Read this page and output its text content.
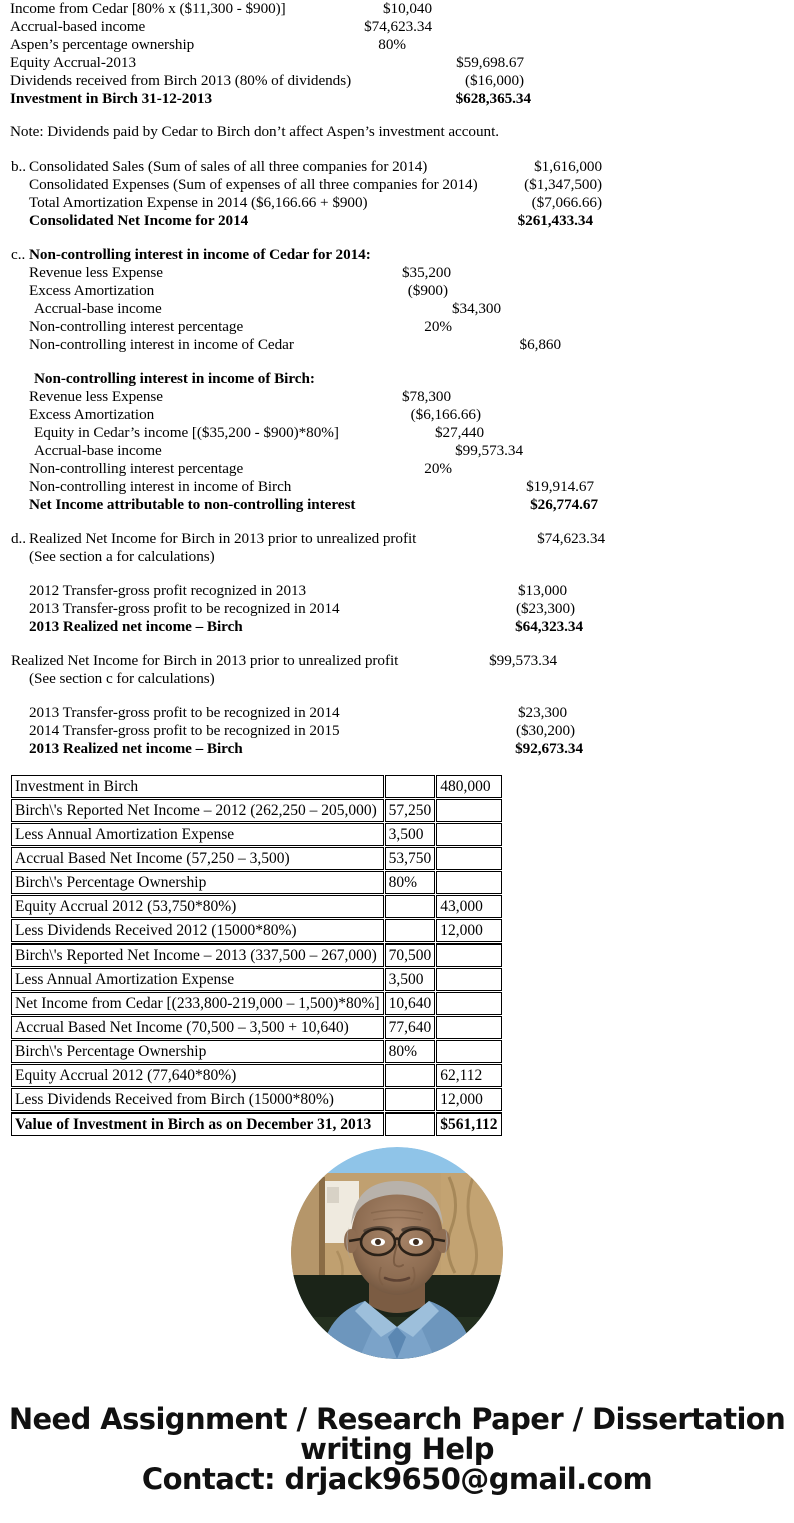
Income from Cedar [80% x ($11,300 - $900)]	$10,040
Accrual-based income	$74,623.34
Aspen’s percentage ownership	80%
Equity Accrual-2013	$59,698.67
Dividends received from Birch 2013 (80% of dividends)	($16,000)
Investment in Birch 31-12-2013	$628,365.34
Note: Dividends paid by Cedar to Birch don’t affect Aspen’s investment account.
b.. Consolidated Sales (Sum of sales of all three companies for 2014)	$1,616,000
Consolidated Expenses (Sum of expenses of all three companies for 2014)	($1,347,500)
Total Amortization Expense in 2014 ($6,166.66 + $900)	($7,066.66)
Consolidated Net Income for 2014	$261,433.34
c.. Non-controlling interest in income of Cedar for 2014:
Revenue less Expense	$35,200
Excess Amortization	($900)
Accrual-base income	$34,300
Non-controlling interest percentage	20%
Non-controlling interest in income of Cedar	$6,860
Non-controlling interest in income of Birch:
Revenue less Expense	$78,300
Excess Amortization	($6,166.66)
Equity in Cedar’s income [($35,200 - $900)*80%]	$27,440
Accrual-base income	$99,573.34
Non-controlling interest percentage	20%
Non-controlling interest in income of Birch	$19,914.67
Net Income attributable to non-controlling interest	$26,774.67
d.. Realized Net Income for Birch in 2013 prior to unrealized profit	$74,623.34
(See section a for calculations)
2012 Transfer-gross profit recognized in 2013	$13,000
2013 Transfer-gross profit to be recognized in 2014	($23,300)
2013 Realized net income – Birch	$64,323.34
Realized Net Income for Birch in 2013 prior to unrealized profit	$99,573.34
(See section c for calculations)
2013 Transfer-gross profit to be recognized in 2014	$23,300
2014 Transfer-gross profit to be recognized in 2015	($30,200)
2013 Realized net income – Birch	$92,673.34
Investment in Birch		480,000
Birch\'s Reported Net Income – 2012 (262,250 – 205,000)	57,250	
Less Annual Amortization Expense	3,500	
Accrual Based Net Income (57,250 – 3,500)	53,750	
Birch\'s Percentage Ownership	80%	
Equity Accrual 2012 (53,750*80%)		43,000
Less Dividends Received 2012 (15000*80%)		12,000
Birch\'s Reported Net Income – 2013 (337,500 – 267,000)	70,500	
Less Annual Amortization Expense	3,500	
Net Income from Cedar [(233,800-219,000 – 1,500)*80%]	10,640	
Accrual Based Net Income (70,500 – 3,500 + 10,640)	77,640	
Birch\'s Percentage Ownership	80%	
Equity Accrual 2012 (77,640*80%)		62,112
Less Dividends Received from Birch (15000*80%)		12,000
Value of Investment in Birch as on December 31, 2013		$561,112
Need Assignment / Research Paper / Dissertation
writing Help
Contact: drjack9650@gmail.com
